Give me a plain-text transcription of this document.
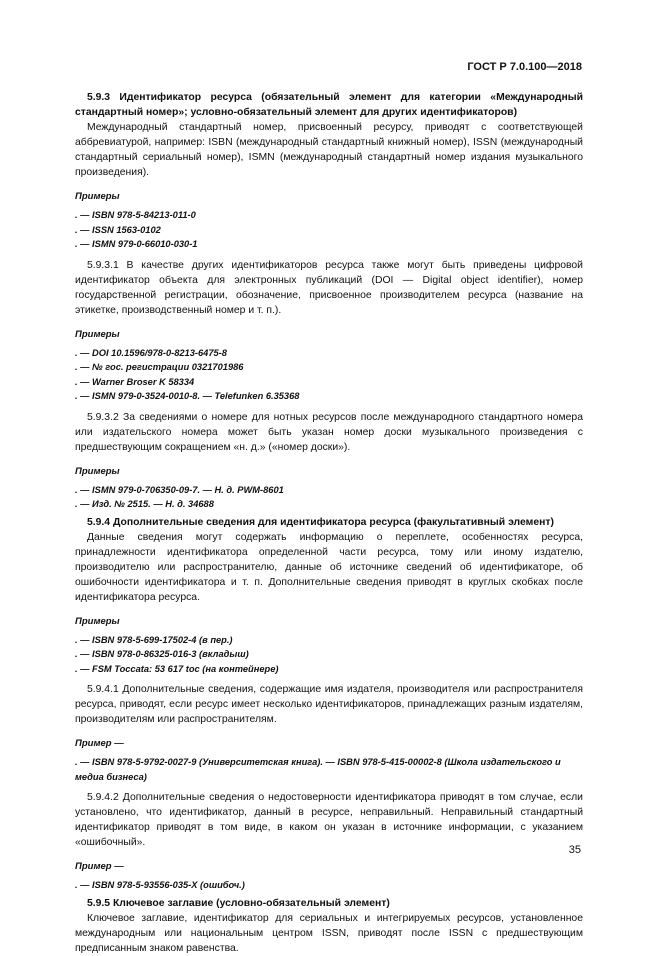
ГОСТ Р 7.0.100—2018

5.9.3 Идентификатор ресурса (обязательный элемент для категории «Международный стандартный номер»; условно-обязательный элемент для других идентификаторов)

Международный стандартный номер, присвоенный ресурсу, приводят с соответствующей аббревиатурой, например: ISBN (международный стандартный книжный номер), ISSN (международный стандартный сериальный номер), ISMN (международный стандартный номер издания музыкального произведения).

Примеры

. — ISBN 978-5-84213-011-0

. — ISSN 1563-0102

. — ISMN 979-0-66010-030-1

5.9.3.1 В качестве других идентификаторов ресурса также могут быть приведены цифровой идентификатор объекта для электронных публикаций (DOI — Digital object identifier), номер государственной регистрации, обозначение, присвоенное производителем ресурса (название на этикетке, производственный номер и т. п.).

Примеры

. — DOI 10.1596/978-0-8213-6475-8

. — № гос. регистрации 0321701986

. — Warner Broser K 58334

. — ISMN 979-0-3524-0010-8. — Telefunken 6.35368

5.9.3.2 За сведениями о номере для нотных ресурсов после международного стандартного номера или издательского номера может быть указан номер доски музыкального произведения с предшествующим сокращением «н. д.» («номер доски»).

Примеры

. — ISMN 979-0-706350-09-7. — Н. д. PWM-8601

. — Изд. № 2515. — Н. д. 34688

5.9.4 Дополнительные сведения для идентификатора ресурса (факультативный элемент)

Данные сведения могут содержать информацию о переплете, особенностях ресурса, принадлежности идентификатора определенной части ресурса, тому или иному издателю, производителю или распространителю, данные об источнике сведений об идентификаторе, об ошибочности идентификатора и т. п. Дополнительные сведения приводят в круглых скобках после идентификатора ресурса.

Примеры

. — ISBN 978-5-699-17502-4 (в пер.)

. — ISBN 978-0-86325-016-3 (вкладыш)

. — FSM Toccata: 53 617 toc (на контейнере)

5.9.4.1 Дополнительные сведения, содержащие имя издателя, производителя или распространителя ресурса, приводят, если ресурс имеет несколько идентификаторов, принадлежащих разным издателям, производителям или распространителям.

Пример —

. — ISBN 978-5-9792-0027-9 (Университетская книга). — ISBN 978-5-415-00002-8 (Школа издательского и медиа бизнеса)

5.9.4.2 Дополнительные сведения о недостоверности идентификатора приводят в том случае, если установлено, что идентификатор, данный в ресурсе, неправильный. Неправильный стандартный идентификатор приводят в том виде, в каком он указан в источнике информации, с указанием «ошибочный».

Пример —

. — ISBN 978-5-93556-035-X (ошибоч.)

5.9.5 Ключевое заглавие (условно-обязательный элемент)

Ключевое заглавие, идентификатор для сериальных и интегрируемых ресурсов, установленное международным или национальным центром ISSN, приводят после ISSN с предшествующим предписанным знаком равенства.

35
